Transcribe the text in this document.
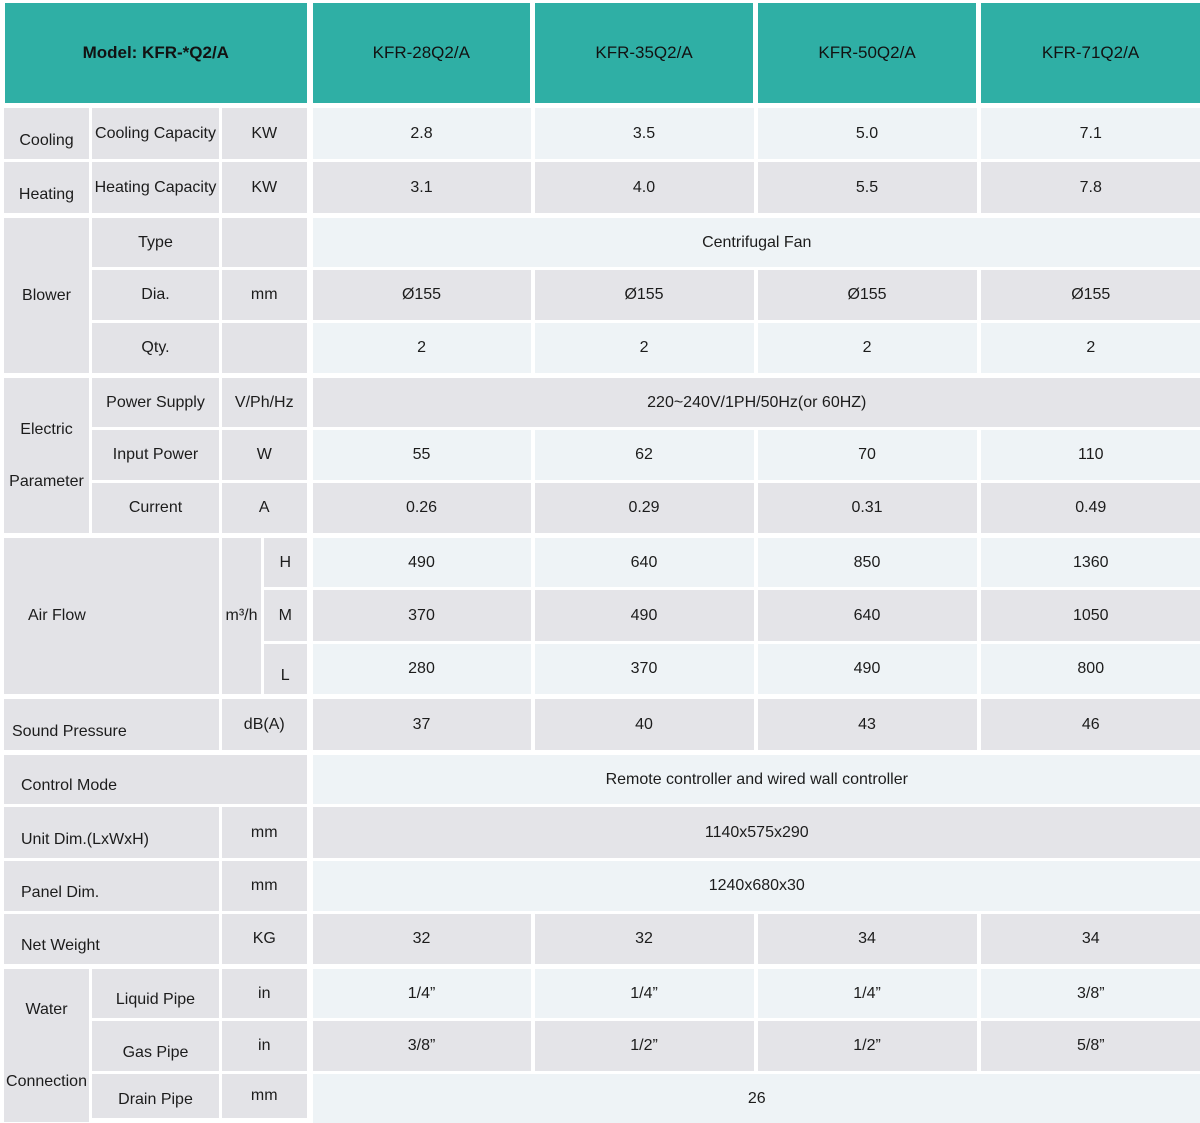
Model: KFR-*Q2/A				KFR-28Q2/A	KFR-35Q2/A	KFR-50Q2/A	KFR-71Q2/A
Cooling	Cooling Capacity	KW		2.8	3.5	5.0	7.1
Heating	Heating Capacity	KW		3.1	4.0	5.5	7.8
Blower	Type			Centrifugal Fan			
	Dia.	mm		Ø155	Ø155	Ø155	Ø155
	Qty.			2	2	2	2

Electric
Parameter	Power Supply	V/Ph/Hz		220~240V/1PH/50Hz(or 60HZ)			
	Input Power	W		55	62	70	110
	Current	A		0.26	0.29	0.31	0.49
Air Flow		m³/h	H	490	640	850	1360
			M	370	490	640	1050
			L	280	370	490	800
Sound Pressure		dB(A)		37	40	43	46
Control Mode				Remote controller and wired wall controller			
Unit Dim.(LxWxH)		mm		1140x575x290			
Panel Dim.		mm		1240x680x30			
Net Weight		KG		32	32	34	34

Water
Connection	Liquid Pipe	in		1/4”	1/4”	1/4”	3/8”
	Gas Pipe	in		3/8”	1/2”	1/2”	5/8”
	Drain Pipe	mm		26			
